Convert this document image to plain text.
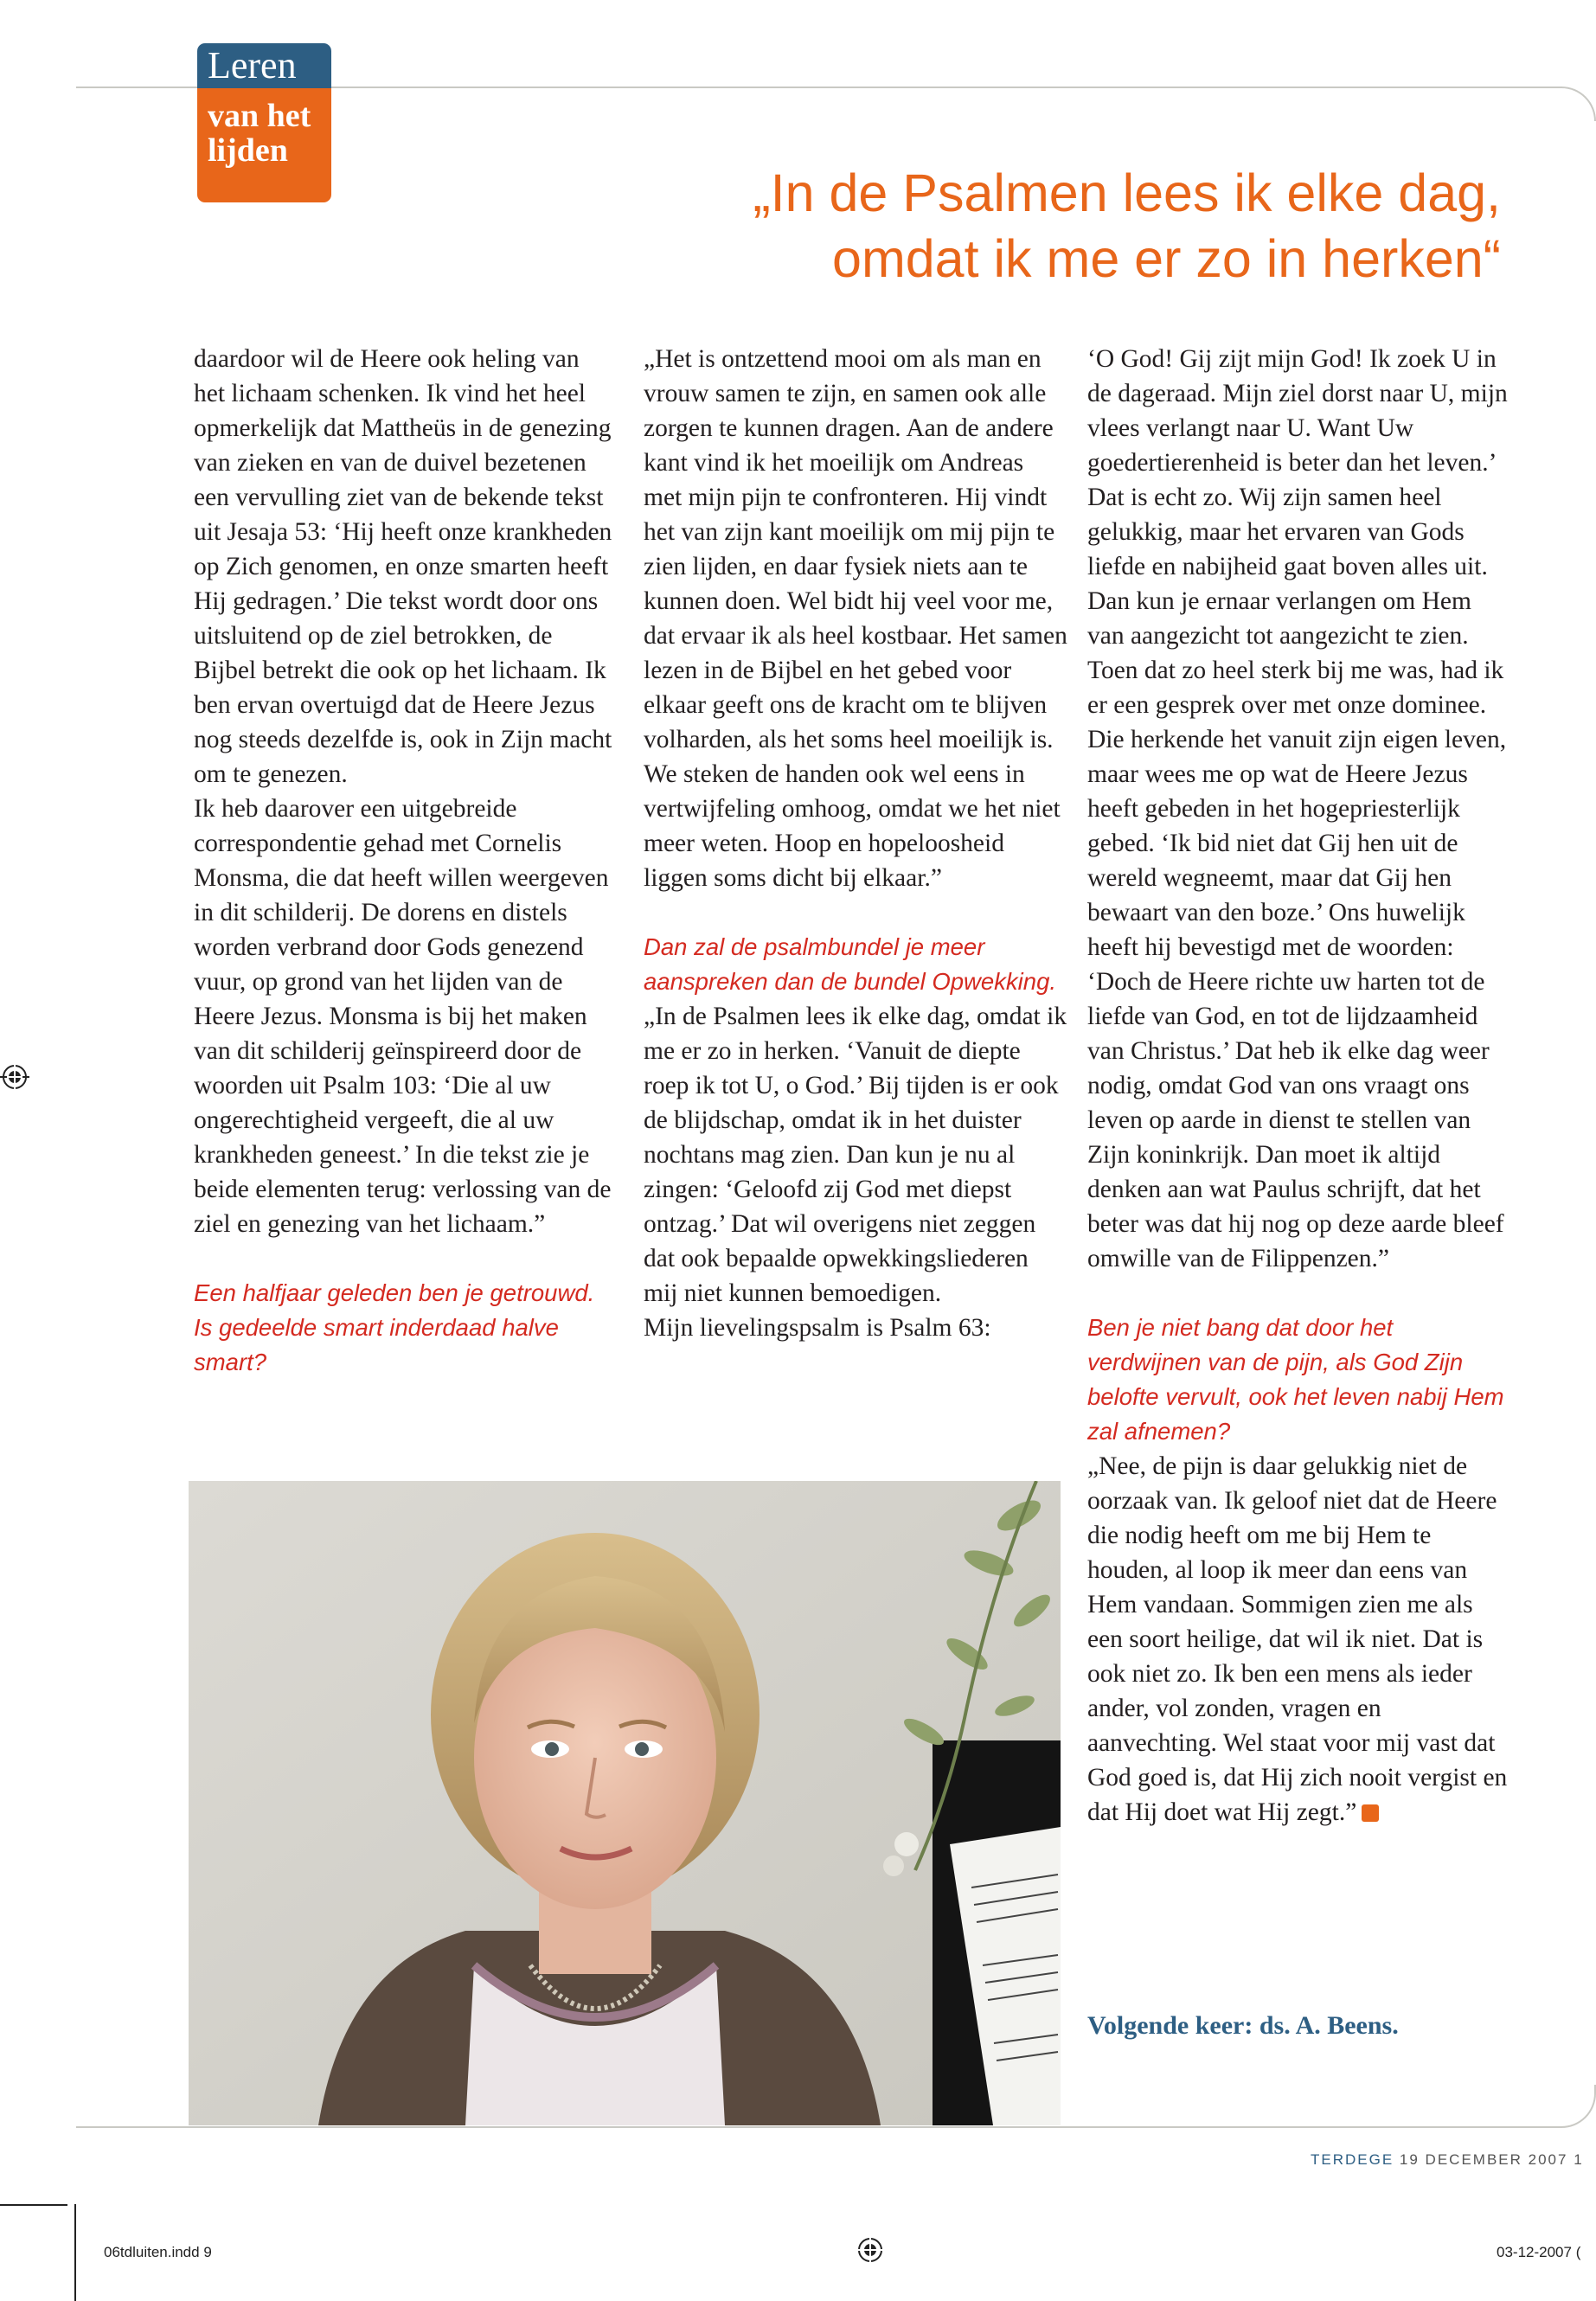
Leren
van het
lijden
„In de Psalmen lees ik elke dag,
omdat ik me er zo in herken“

daardoor wil de Heere ook heling van het lichaam schenken. Ik vind het heel opmerkelijk dat Mattheüs in de genezing van zieken en van de duivel bezetenen een vervulling ziet van de bekende tekst uit Jesaja 53: ‘Hij heeft onze krankheden op Zich genomen, en onze smarten heeft Hij gedragen.’ Die tekst wordt door ons uitsluitend op de ziel betrokken, de Bijbel betrekt die ook op het lichaam. Ik ben ervan overtuigd dat de Heere Jezus nog steeds dezelfde is, ook in Zijn macht om te genezen.

Ik heb daarover een uitgebreide correspondentie gehad met Cornelis Monsma, die dat heeft willen weergeven in dit schilderij. De dorens en distels worden verbrand door Gods genezend vuur, op grond van het lijden van de Heere Jezus. Monsma is bij het maken van dit schilderij geïnspireerd door de woorden uit Psalm 103: ‘Die al uw ongerechtigheid vergeeft, die al uw krankheden geneest.’ In die tekst zie je beide elementen terug: verlossing van de ziel en genezing van het lichaam.”

Een halfjaar geleden ben je getrouwd. Is gedeelde smart inderdaad halve smart?

„Het is ontzettend mooi om als man en vrouw samen te zijn, en samen ook alle zorgen te kunnen dragen. Aan de andere kant vind ik het moeilijk om Andreas met mijn pijn te confronteren. Hij vindt het van zijn kant moeilijk om mij pijn te zien lijden, en daar fysiek niets aan te kunnen doen. Wel bidt hij veel voor me, dat ervaar ik als heel kostbaar. Het samen lezen in de Bijbel en het gebed voor elkaar geeft ons de kracht om te blijven volharden, als het soms heel moeilijk is. We steken de handen ook wel eens in vertwijfeling omhoog, omdat we het niet meer weten. Hoop en hopeloosheid liggen soms dicht bij elkaar.”

Dan zal de psalmbundel je meer aanspreken dan de bundel Opwekking.

„In de Psalmen lees ik elke dag, omdat ik me er zo in herken. ‘Vanuit de diepte roep ik tot U, o God.’ Bij tijden is er ook de blijdschap, omdat ik in het duister nochtans mag zien. Dan kun je nu al zingen: ‘Geloofd zij God met diepst ontzag.’ Dat wil overigens niet zeggen dat ook bepaalde opwekkingsliederen mij niet kunnen bemoedigen.

Mijn lievelingspsalm is Psalm 63:

‘O God! Gij zijt mijn God! Ik zoek U in de dageraad. Mijn ziel dorst naar U, mijn vlees verlangt naar U. Want Uw goedertierenheid is beter dan het leven.’ Dat is echt zo. Wij zijn samen heel gelukkig, maar het ervaren van Gods liefde en nabijheid gaat boven alles uit. Dan kun je ernaar verlangen om Hem van aangezicht tot aangezicht te zien.

Toen dat zo heel sterk bij me was, had ik er een gesprek over met onze dominee. Die herkende het vanuit zijn eigen leven, maar wees me op wat de Heere Jezus heeft gebeden in het hogepriesterlijk gebed. ‘Ik bid niet dat Gij hen uit de wereld wegneemt, maar dat Gij hen bewaart van den boze.’ Ons huwelijk heeft hij bevestigd met de woorden: ‘Doch de Heere richte uw harten tot de liefde van God, en tot de lijdzaamheid van Christus.’ Dat heb ik elke dag weer nodig, omdat God van ons vraagt ons leven op aarde in dienst te stellen van Zijn koninkrijk. Dan moet ik altijd denken aan wat Paulus schrijft, dat het beter was dat hij nog op deze aarde bleef omwille van de Filippenzen.”

Ben je niet bang dat door het verdwijnen van de pijn, als God Zijn belofte vervult, ook het leven nabij Hem zal afnemen?

„Nee, de pijn is daar gelukkig niet de oorzaak van. Ik geloof niet dat de Heere die nodig heeft om me bij Hem te houden, al loop ik meer dan eens van Hem vandaan. Sommigen zien me als een soort heilige, dat wil ik niet. Dat is ook niet zo. Ik ben een mens als ieder ander, vol zonden, vragen en aanvechting. Wel staat voor mij vast dat God goed is, dat Hij zich nooit vergist en dat Hij doet wat Hij zegt.”

Volgende keer: ds. A. Beens.
TERDEGE 19 DECEMBER 2007 1
06tdluiten.indd 9	03-12-2007 (
